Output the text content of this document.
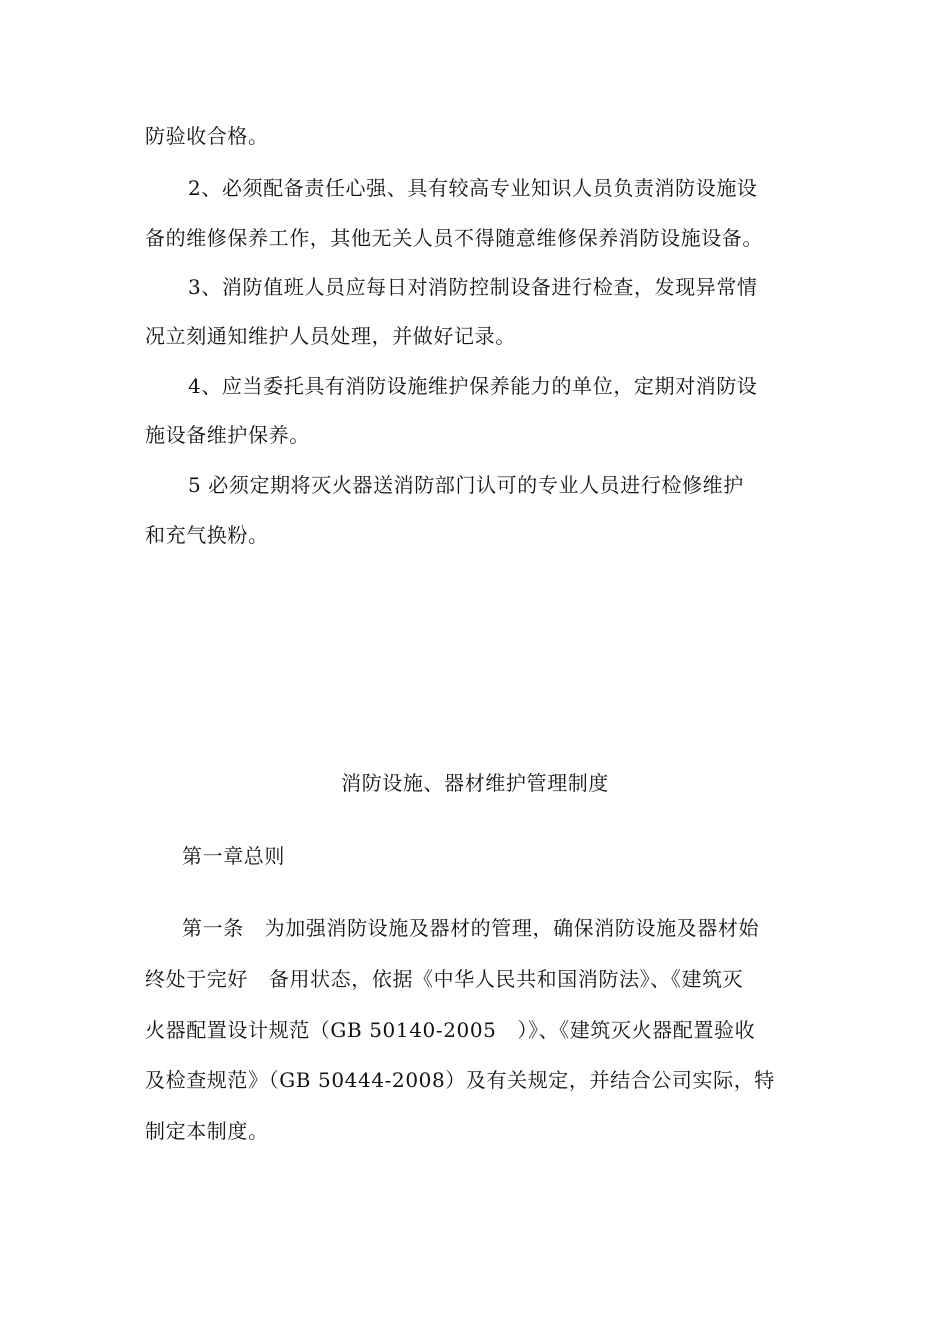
防验收合格。
2、必须配备责任心强、具有较高专业知识人员负责消防设施设
备的维修保养工作，其他无关人员不得随意维修保养消防设施设备。
3、消防值班人员应每日对消防控制设备进行检查，发现异常情
况立刻通知维护人员处理，并做好记录。
4、应当委托具有消防设施维护保养能力的单位，定期对消防设
施设备维护保养。
5 必须定期将灭火器送消防部门认可的专业人员进行检修维护
和充气换粉。
消防设施、器材维护管理制度
第一章总则
第一条   为加强消防设施及器材的管理，确保消防设施及器材始
终处于完好   备用状态，依据《中华人民共和国消防法》、《建筑灭
火器配置设计规范（GB 50140-2005   ）》、《建筑灭火器配置验收
及检查规范》（GB 50444-2008）及有关规定，并结合公司实际，特
制定本制度。
